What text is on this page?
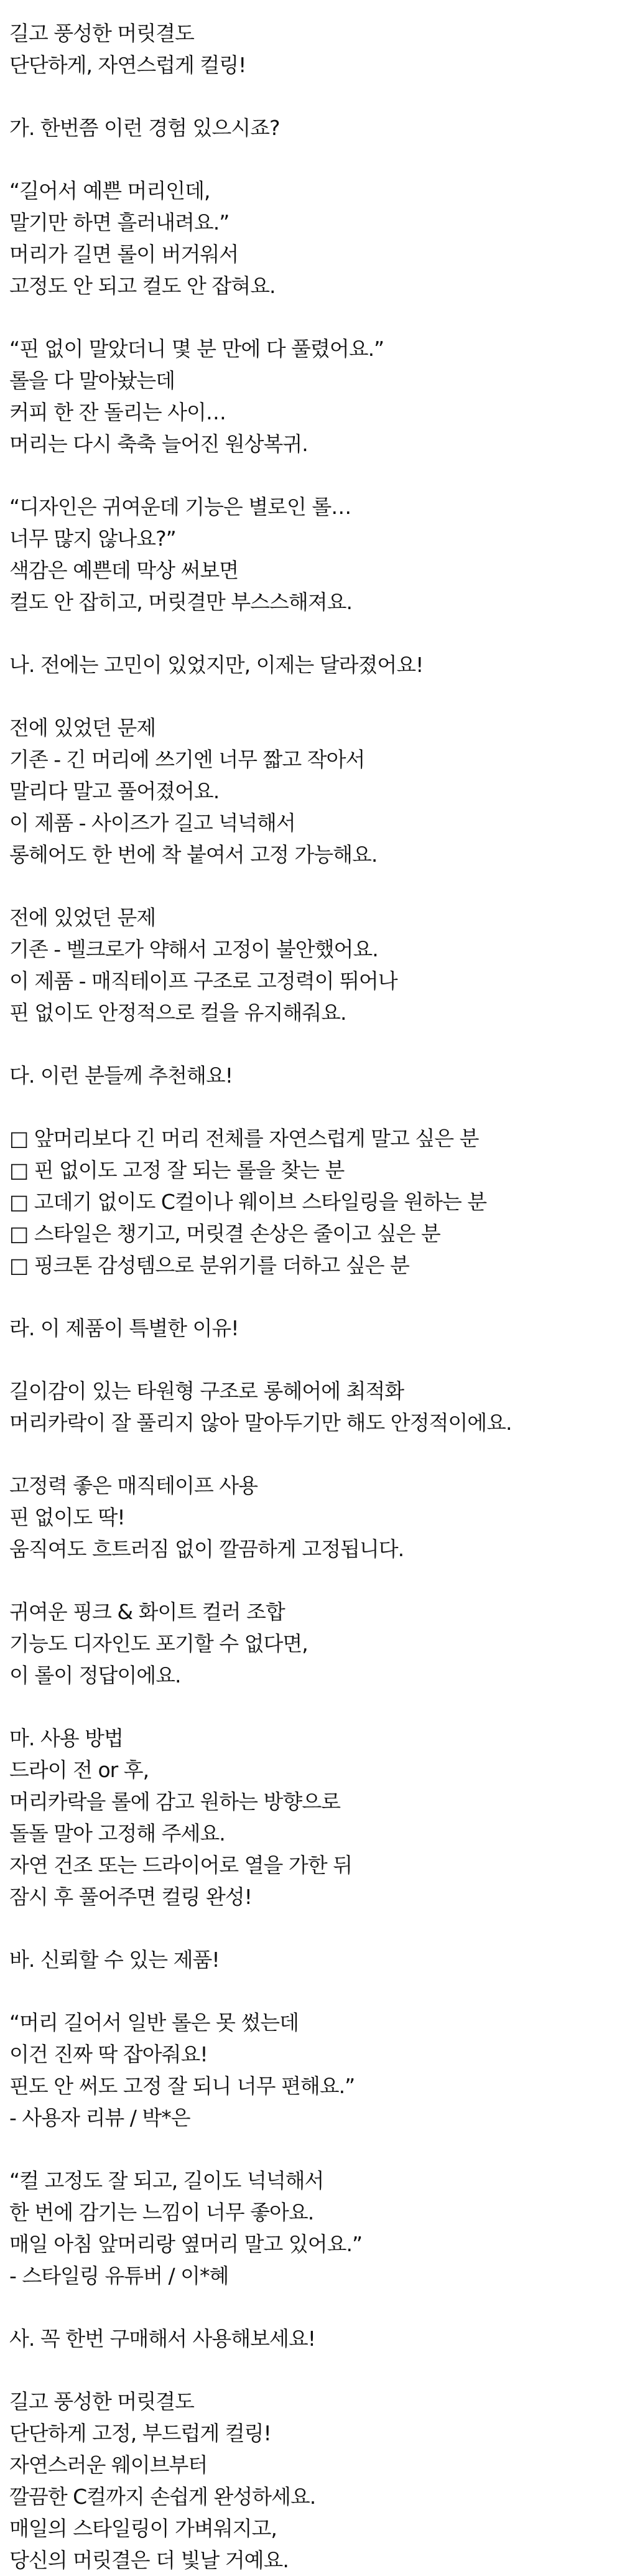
길고 풍성한 머릿결도
단단하게, 자연스럽게 컬링!
가. 한번쯤 이런 경험 있으시죠?
“길어서 예쁜 머리인데,
말기만 하면 흘러내려요.”
머리가 길면 롤이 버거워서
고정도 안 되고 컬도 안 잡혀요.
“핀 없이 말았더니 몇 분 만에 다 풀렸어요.”
롤을 다 말아놨는데
커피 한 잔 돌리는 사이…
머리는 다시 축축 늘어진 원상복귀.
“디자인은 귀여운데 기능은 별로인 롤…
너무 많지 않나요?”
색감은 예쁜데 막상 써보면
컬도 안 잡히고, 머릿결만 부스스해져요.
나. 전에는 고민이 있었지만, 이제는 달라졌어요!
전에 있었던 문제
기존 - 긴 머리에 쓰기엔 너무 짧고 작아서
말리다 말고 풀어졌어요.
이 제품 - 사이즈가 길고 넉넉해서
롱헤어도 한 번에 착 붙여서 고정 가능해요.
전에 있었던 문제
기존 - 벨크로가 약해서 고정이 불안했어요.
이 제품 - 매직테이프 구조로 고정력이 뛰어나
핀 없이도 안정적으로 컬을 유지해줘요.
다. 이런 분들께 추천해요!
□ 앞머리보다 긴 머리 전체를 자연스럽게 말고 싶은 분
□ 핀 없이도 고정 잘 되는 롤을 찾는 분
□ 고데기 없이도 C컬이나 웨이브 스타일링을 원하는 분
□ 스타일은 챙기고, 머릿결 손상은 줄이고 싶은 분
□ 핑크톤 감성템으로 분위기를 더하고 싶은 분
라. 이 제품이 특별한 이유!
길이감이 있는 타원형 구조로 롱헤어에 최적화
머리카락이 잘 풀리지 않아 말아두기만 해도 안정적이에요.
고정력 좋은 매직테이프 사용
핀 없이도 딱!
움직여도 흐트러짐 없이 깔끔하게 고정됩니다.
귀여운 핑크 & 화이트 컬러 조합
기능도 디자인도 포기할 수 없다면,
이 롤이 정답이에요.
마. 사용 방법
드라이 전 or 후,
머리카락을 롤에 감고 원하는 방향으로
돌돌 말아 고정해 주세요.
자연 건조 또는 드라이어로 열을 가한 뒤
잠시 후 풀어주면 컬링 완성!
바. 신뢰할 수 있는 제품!
“머리 길어서 일반 롤은 못 썼는데
이건 진짜 딱 잡아줘요!
핀도 안 써도 고정 잘 되니 너무 편해요.”
- 사용자 리뷰 / 박*은
“컬 고정도 잘 되고, 길이도 넉넉해서
한 번에 감기는 느낌이 너무 좋아요.
매일 아침 앞머리랑 옆머리 말고 있어요.”
- 스타일링 유튜버 / 이*혜
사. 꼭 한번 구매해서 사용해보세요!
길고 풍성한 머릿결도
단단하게 고정, 부드럽게 컬링!
자연스러운 웨이브부터
깔끔한 C컬까지 손쉽게 완성하세요.
매일의 스타일링이 가벼워지고,
당신의 머릿결은 더 빛날 거예요.
